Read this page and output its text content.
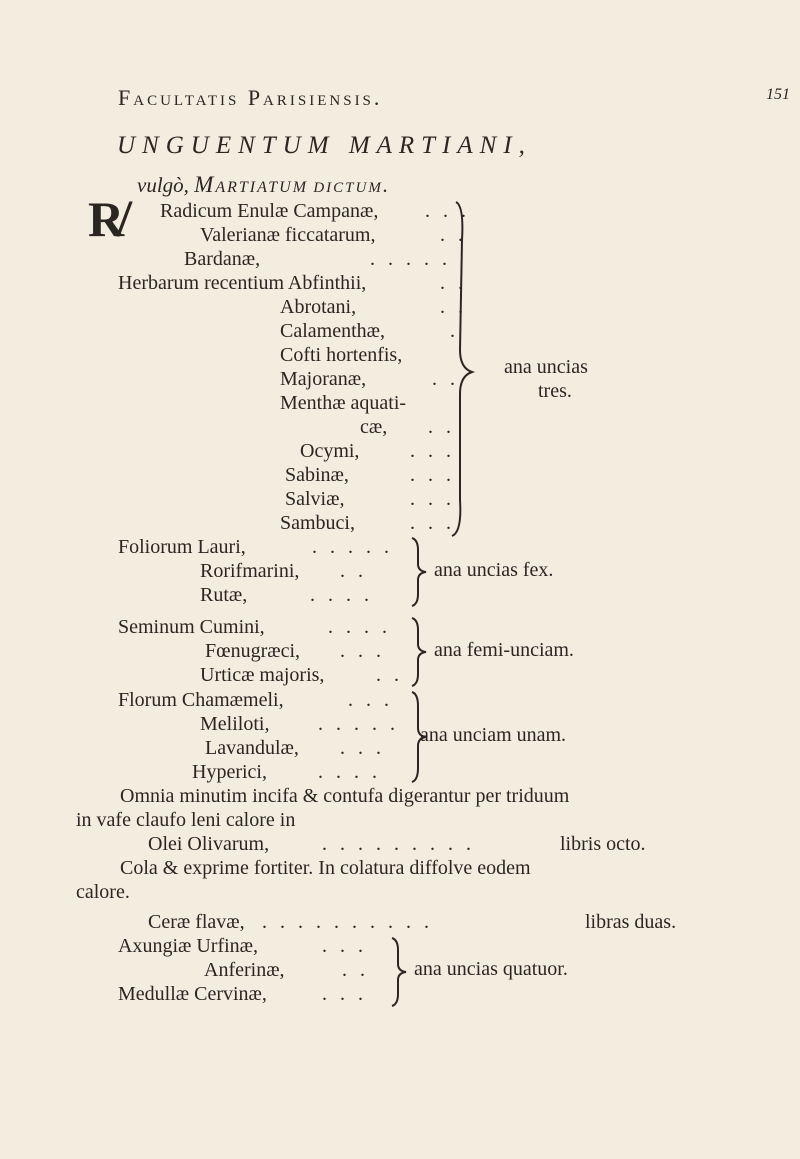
Facultatis Parisiensis.	151
UNGUENTUM MARTIANI,
vulgò, Martiatum dictum.
R̸ Radicum Enulæ Campanæ, . . .
Valerianæ ficcatarum,	. .
Bardanæ,	. . . . .
Herbarum recentium Abfinthii,	. .
Abrotani,	. .
Calamenthæ,	.
Cofti hortenfis,
Majoranæ,	. .
Menthæ aquati-
cæ, . .
Ocymi,	. . .
Sabinæ,	. . .
Salviæ,	. . .
Sambuci,	. . .
ana uncias
tres.
Foliorum Lauri,	. . . . .
Rorifmarini, . .
Rutæ,	. . . .
ana uncias fex.
Seminum Cumini,	. . . .
Fœnugræci, . . .
Urticæ majoris,	. .
ana femi-unciam.
Florum Chamæmeli,	. . .
Meliloti, . . . . .
Lavandulæ, . . .
Hyperici,	. . . .
ana unciam unam.
Omnia minutim incifa & contufa digerantur per triduum
in vafe claufo leni calore in
Olei Olivarum,	. . . . . . . . .	libris octo.
Cola & exprime fortiter. In colatura diffolve eodem
calore.
Ceræ flavæ, . . . . . . . . . .	libras duas.
Axungiæ Urfinæ,	. . .
Anferinæ,	. .
Medullæ Cervinæ,	. . .
ana uncias quatuor.
